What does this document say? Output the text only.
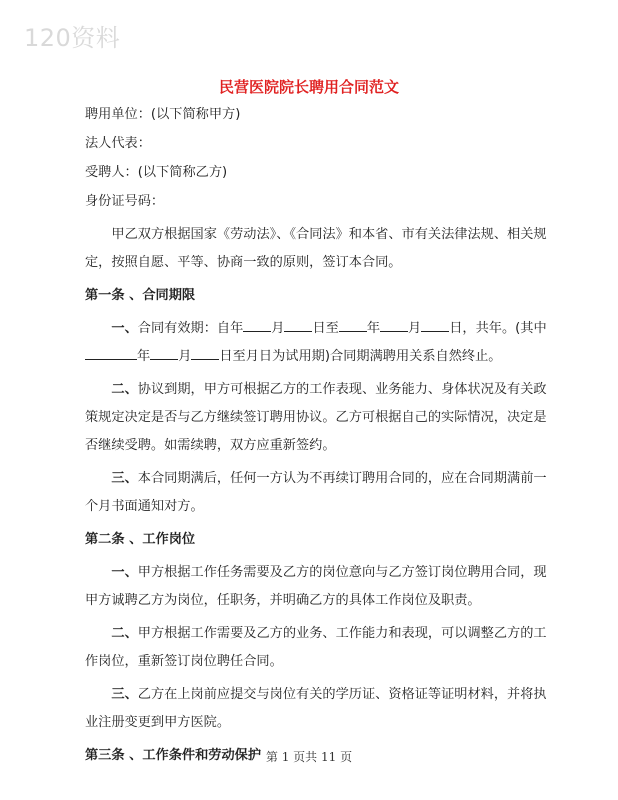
120资料
民营医院院长聘用合同范文

聘用单位：(以下简称甲方)

法人代表：

受聘人：(以下简称乙方)

身份证号码：

甲乙双方根据国家《劳动法》、《合同法》和本省、市有关法律法规、相关规定，按照自愿、平等、协商一致的原则，签订本合同。

第一条 、合同期限

一、合同有效期：自年 月 日至 年 月 日，共年。(其中年 月 日至月日为试用期)合同期满聘用关系自然终止。

二、协议到期，甲方可根据乙方的工作表现、业务能力、身体状况及有关政策规定决定是否与乙方继续签订聘用协议。乙方可根据自己的实际情况，决定是否继续受聘。如需续聘，双方应重新签约。

三、本合同期满后，任何一方认为不再续订聘用合同的，应在合同期满前一个月书面通知对方。

第二条 、工作岗位

一、甲方根据工作任务需要及乙方的岗位意向与乙方签订岗位聘用合同，现甲方诚聘乙方为岗位，任职务，并明确乙方的具体工作岗位及职责。

二、甲方根据工作需要及乙方的业务、工作能力和表现，可以调整乙方的工作岗位，重新签订岗位聘任合同。

三、乙方在上岗前应提交与岗位有关的学历证、资格证等证明材料，并将执业注册变更到甲方医院。

第三条 、工作条件和劳动保护 第 1 页共 11 页
